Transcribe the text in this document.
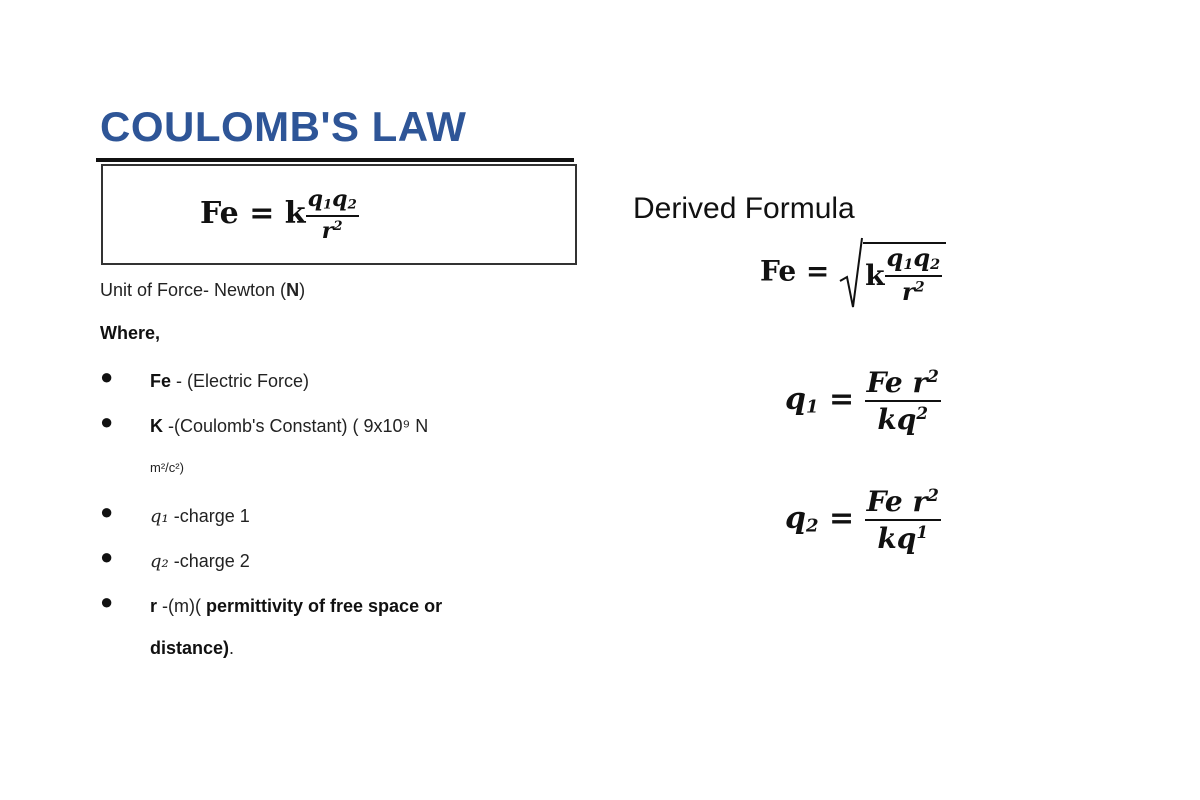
COULOMB'S LAW
Fe = k $\frac{q_1q_2}{r^2}$
Unit of Force- Newton (N)
Where,
● Fe - (Electric Force)
● K -(Coulomb's Constant) ( 9x10⁹ N
m²/c²)
● q₁ -charge 1
● q₂ -charge 2
● r -(m)( permittivity of free space or
distance).
Derived Formula
Fe = k $\frac{q_1q_2}{r^2}$
$q_1 = \frac{Fe r^2}{kq^2}$
$q_2 = \frac{Fe r^2}{kq^1}$
